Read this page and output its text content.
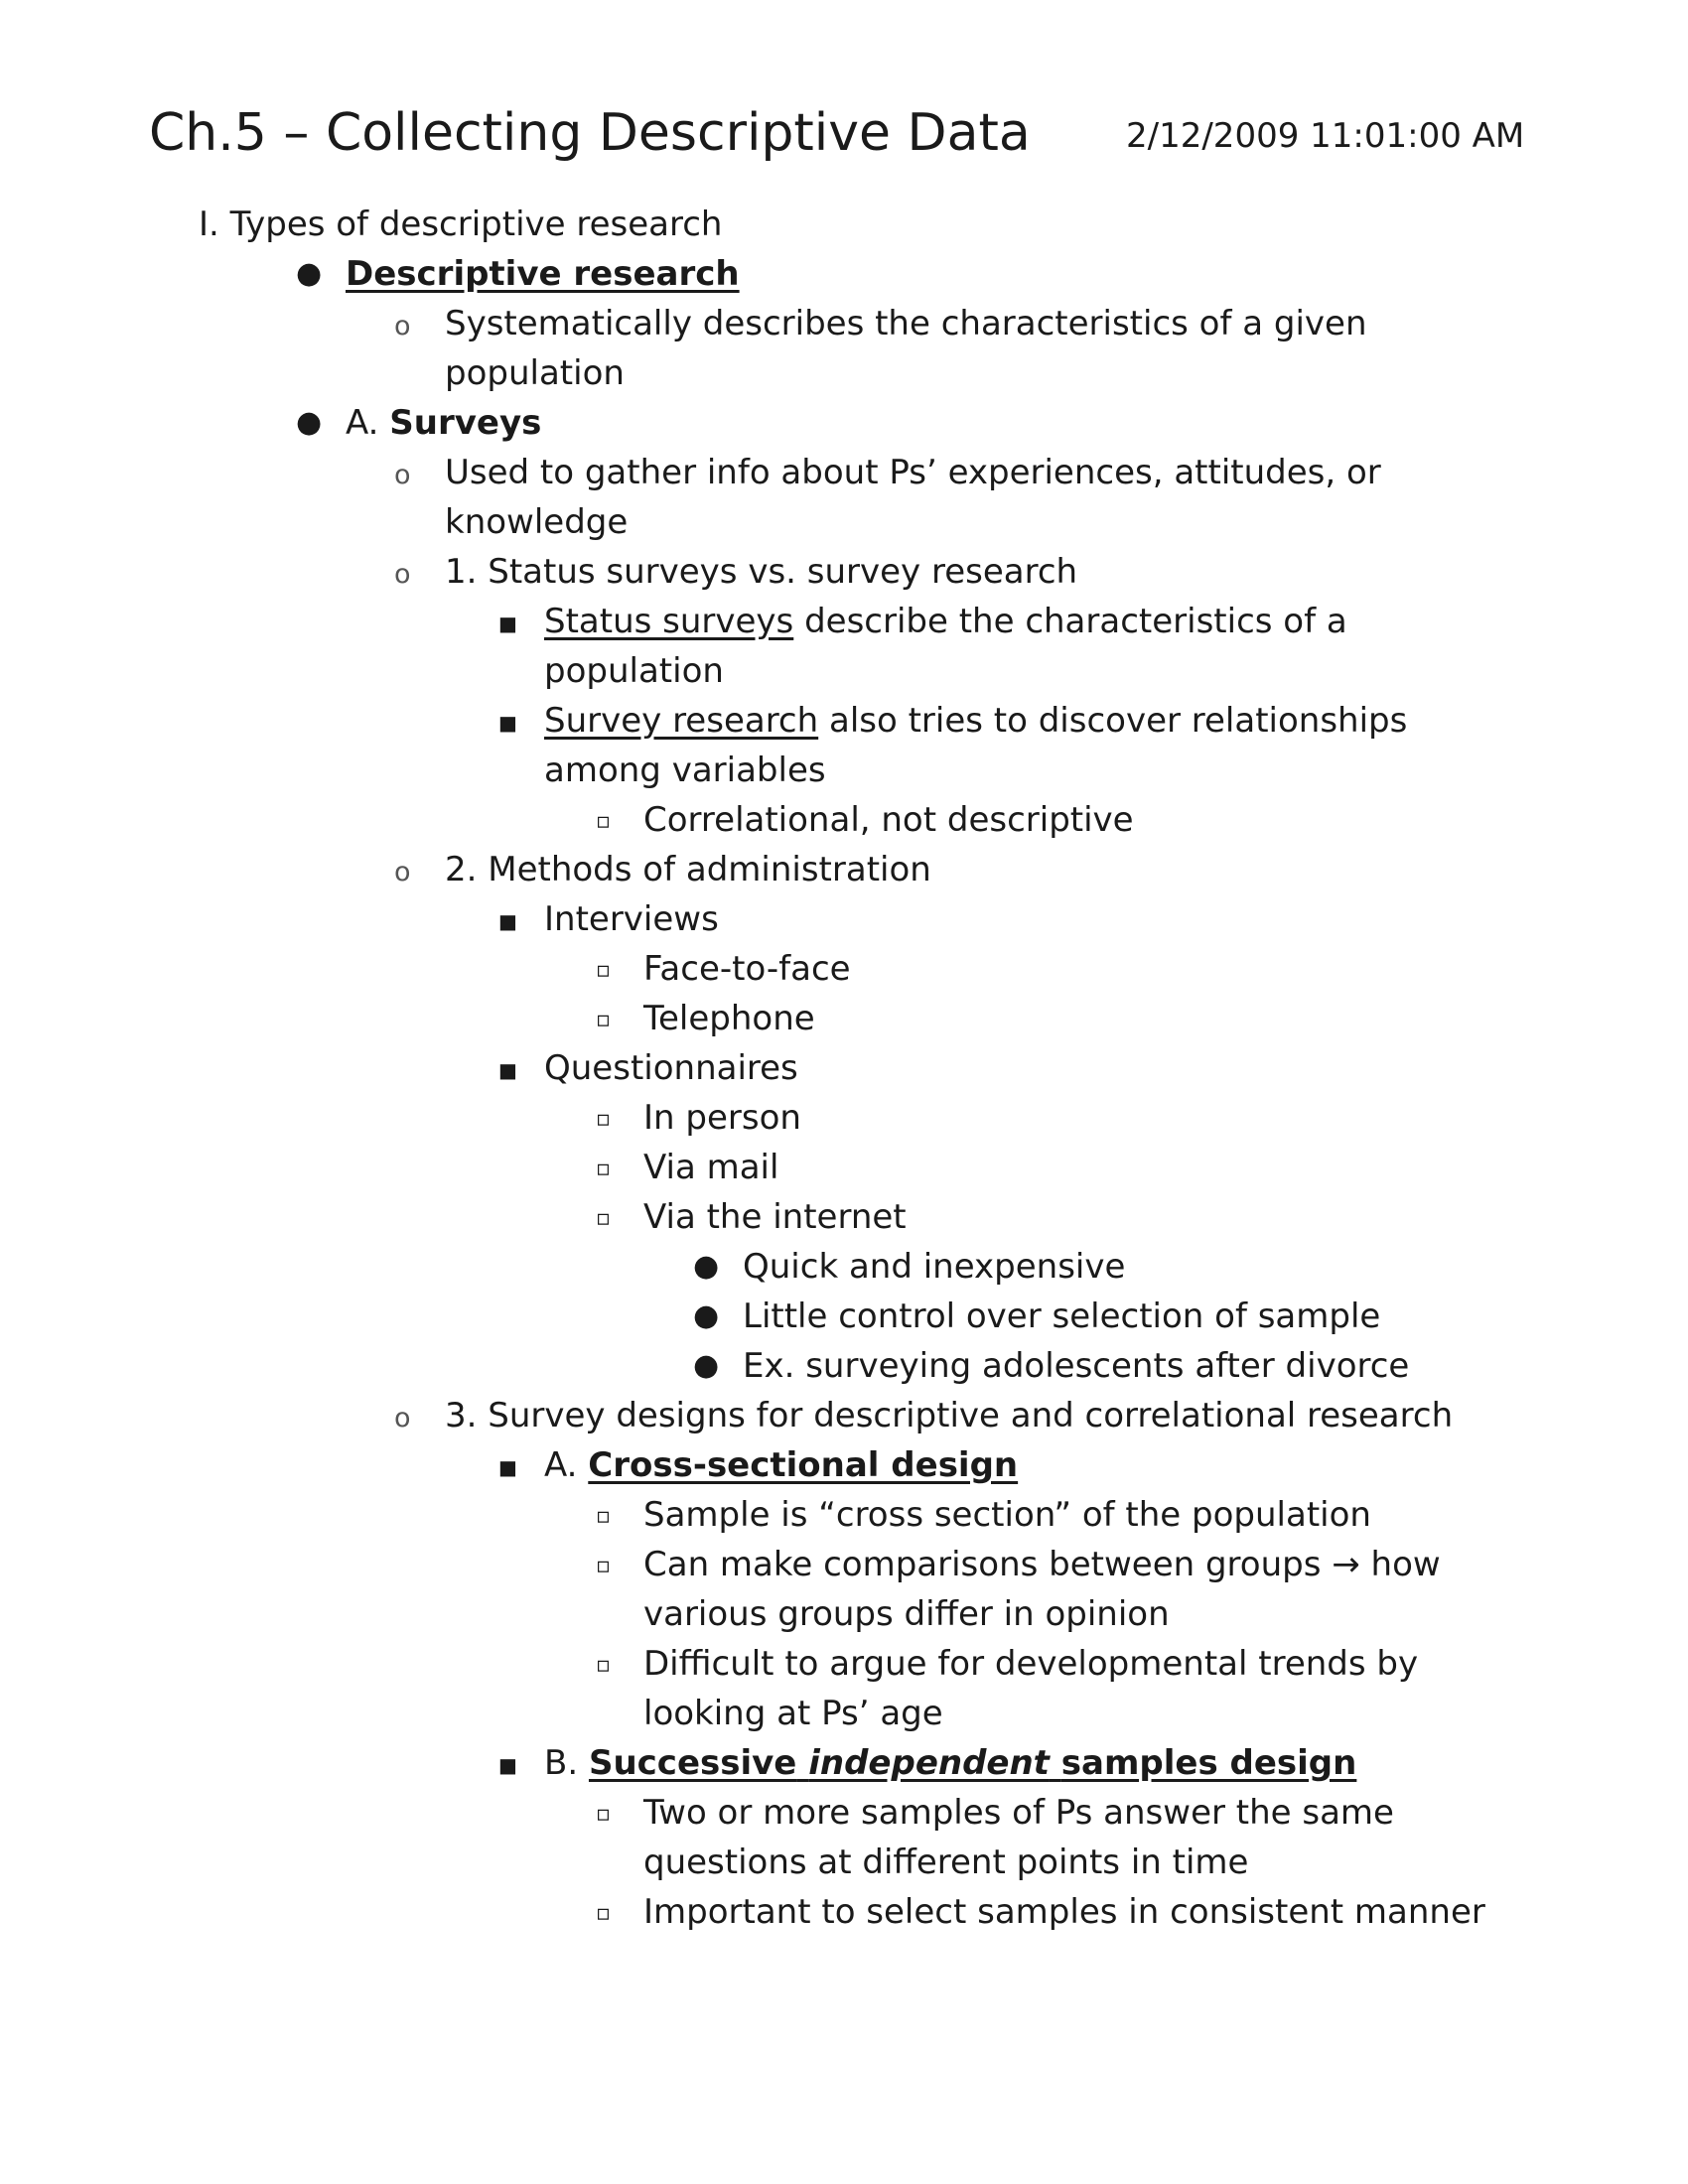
Ch.5 – Collecting Descriptive Data	2/12/2009 11:01:00 AM
I. Types of descriptive research
● Descriptive research
o Systematically describes the characteristics of a given
population
● A. Surveys
o Used to gather info about Ps’ experiences, attitudes, or
knowledge
o 1. Status surveys vs. survey research
■ Status surveys describe the characteristics of a
population
■ Survey research also tries to discover relationships
among variables
▫ Correlational, not descriptive
o 2. Methods of administration
■ Interviews
▫ Face-to-face
▫ Telephone
■ Questionnaires
▫ In person
▫ Via mail
▫ Via the internet
● Quick and inexpensive
● Little control over selection of sample
● Ex. surveying adolescents after divorce
o 3. Survey designs for descriptive and correlational research
■ A. Cross-sectional design
▫ Sample is “cross section” of the population
▫ Can make comparisons between groups → how
various groups differ in opinion
▫ Difficult to argue for developmental trends by
looking at Ps’ age
■ B. Successive independent samples design
▫ Two or more samples of Ps answer the same
questions at different points in time
▫ Important to select samples in consistent manner
